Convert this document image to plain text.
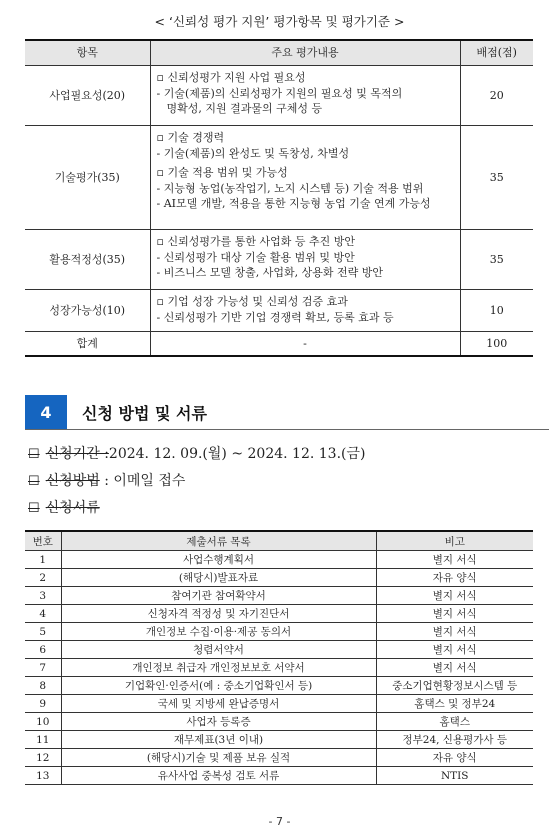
< ‘신뢰성 평가 지원’ 평가항목 및 평가기준 >
항목	주요 평가내용	배점(점)
사업필요성(20)	▫ 신뢰성평가 지원 사업 필요성
- 기술(제품)의 신뢰성평가 지원의 필요성 및 목적의
명확성, 지원 결과물의 구체성 등	20
기술평가(35)	▫ 기술 경쟁력
- 기술(제품)의 완성도 및 독창성, 차별성
▫ 기술 적용 범위 및 가능성
- 지능형 농업(농작업기, 노지 시스템 등) 기술 적용 범위
- AI모델 개발, 적용을 통한 지능형 농업 기술 연계 가능성	35
활용적정성(35)	▫ 신뢰성평가를 통한 사업화 등 추진 방안
- 신뢰성평가 대상 기술 활용 범위 및 방안
- 비즈니스 모델 창출, 사업화, 상용화 전략 방안	35
성장가능성(10)	▫ 기업 성장 가능성 및 신뢰성 검증 효과
- 신뢰성평가 기반 기업 경쟁력 확보, 등록 효과 등	10
합계	-	100
4	신청 방법 및 서류
☐ 신청기간 :2024. 12. 09.(월) ~ 2024. 12. 13.(금)
☐ 신청방법 : 이메일 접수
☐ 신청서류
번호	제출서류 목록	비고
1	사업수행계획서	별지 서식
2	(해당시)발표자료	자유 양식
3	참여기관 참여확약서	별지 서식
4	신청자격 적정성 및 자기진단서	별지 서식
5	개인정보 수집·이용·제공 동의서	별지 서식
6	청렴서약서	별지 서식
7	개인정보 취급자 개인정보보호 서약서	별지 서식
8	기업확인·인증서(예 : 중소기업확인서 등)	중소기업현황정보시스템 등
9	국세 및 지방세 완납증명서	홈택스 및 정부24
10	사업자 등록증	홈택스
11	재무제표(3년 이내)	정부24, 신용평가사 등
12	(해당시)기술 및 제품 보유 실적	자유 양식
13	유사사업 중복성 검토 서류	NTIS
- 7 -
